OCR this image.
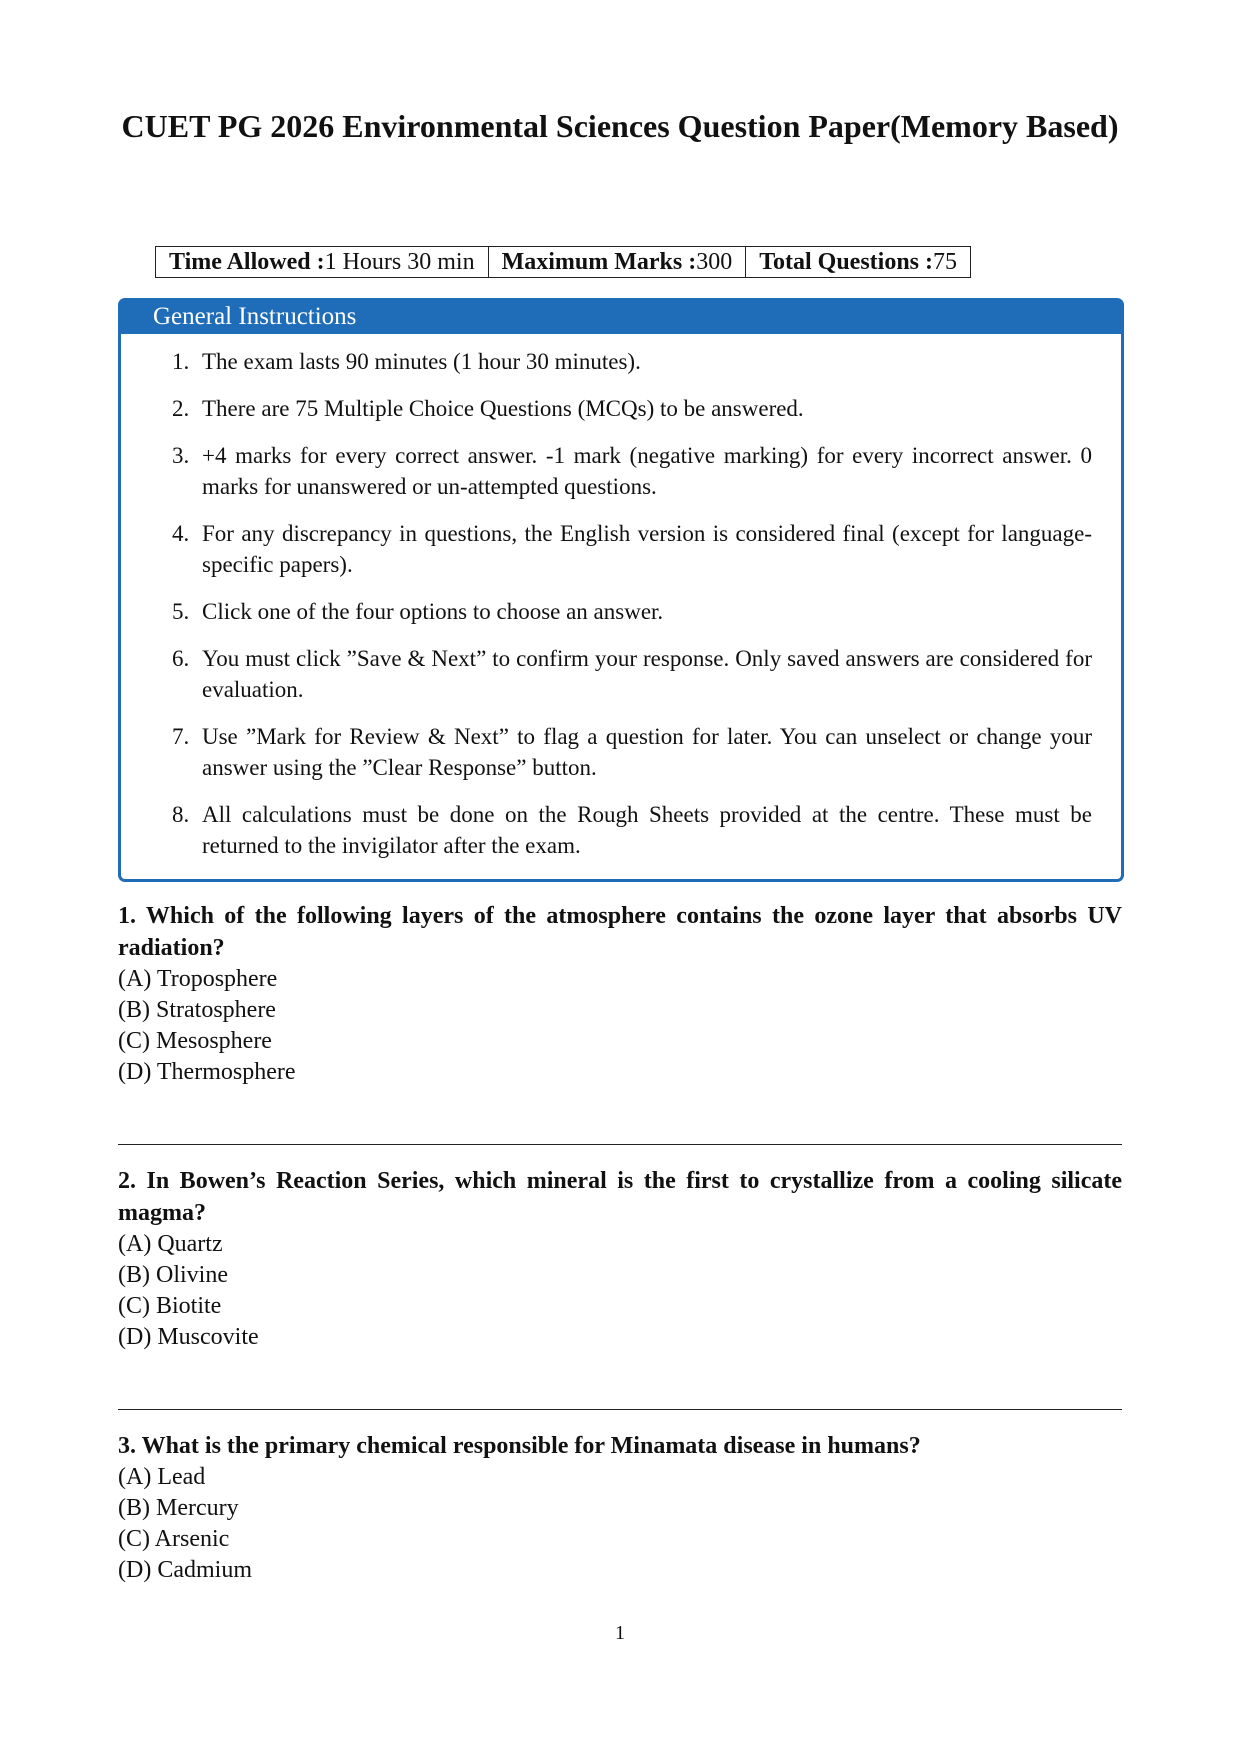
CUET PG 2026 Environmental Sciences Question Paper(Memory Based)
Time Allowed :1 Hours 30 min	Maximum Marks :300	Total Questions :75
General Instructions
1. The exam lasts 90 minutes (1 hour 30 minutes).
2. There are 75 Multiple Choice Questions (MCQs) to be answered.
3. +4 marks for every correct answer. -1 mark (negative marking) for every incorrect answer. 0 marks for unanswered or un-attempted questions.
4. For any discrepancy in questions, the English version is considered final (except for language-specific papers).
5. Click one of the four options to choose an answer.
6. You must click ”Save & Next” to confirm your response. Only saved answers are considered for evaluation.
7. Use ”Mark for Review & Next” to flag a question for later. You can unselect or change your answer using the ”Clear Response” button.
8. All calculations must be done on the Rough Sheets provided at the centre. These must be returned to the invigilator after the exam.
1. Which of the following layers of the atmosphere contains the ozone layer that absorbs UV radiation?
(A) Troposphere
(B) Stratosphere
(C) Mesosphere
(D) Thermosphere
2. In Bowen’s Reaction Series, which mineral is the first to crystallize from a cooling silicate magma?
(A) Quartz
(B) Olivine
(C) Biotite
(D) Muscovite
3. What is the primary chemical responsible for Minamata disease in humans?
(A) Lead
(B) Mercury
(C) Arsenic
(D) Cadmium
1
